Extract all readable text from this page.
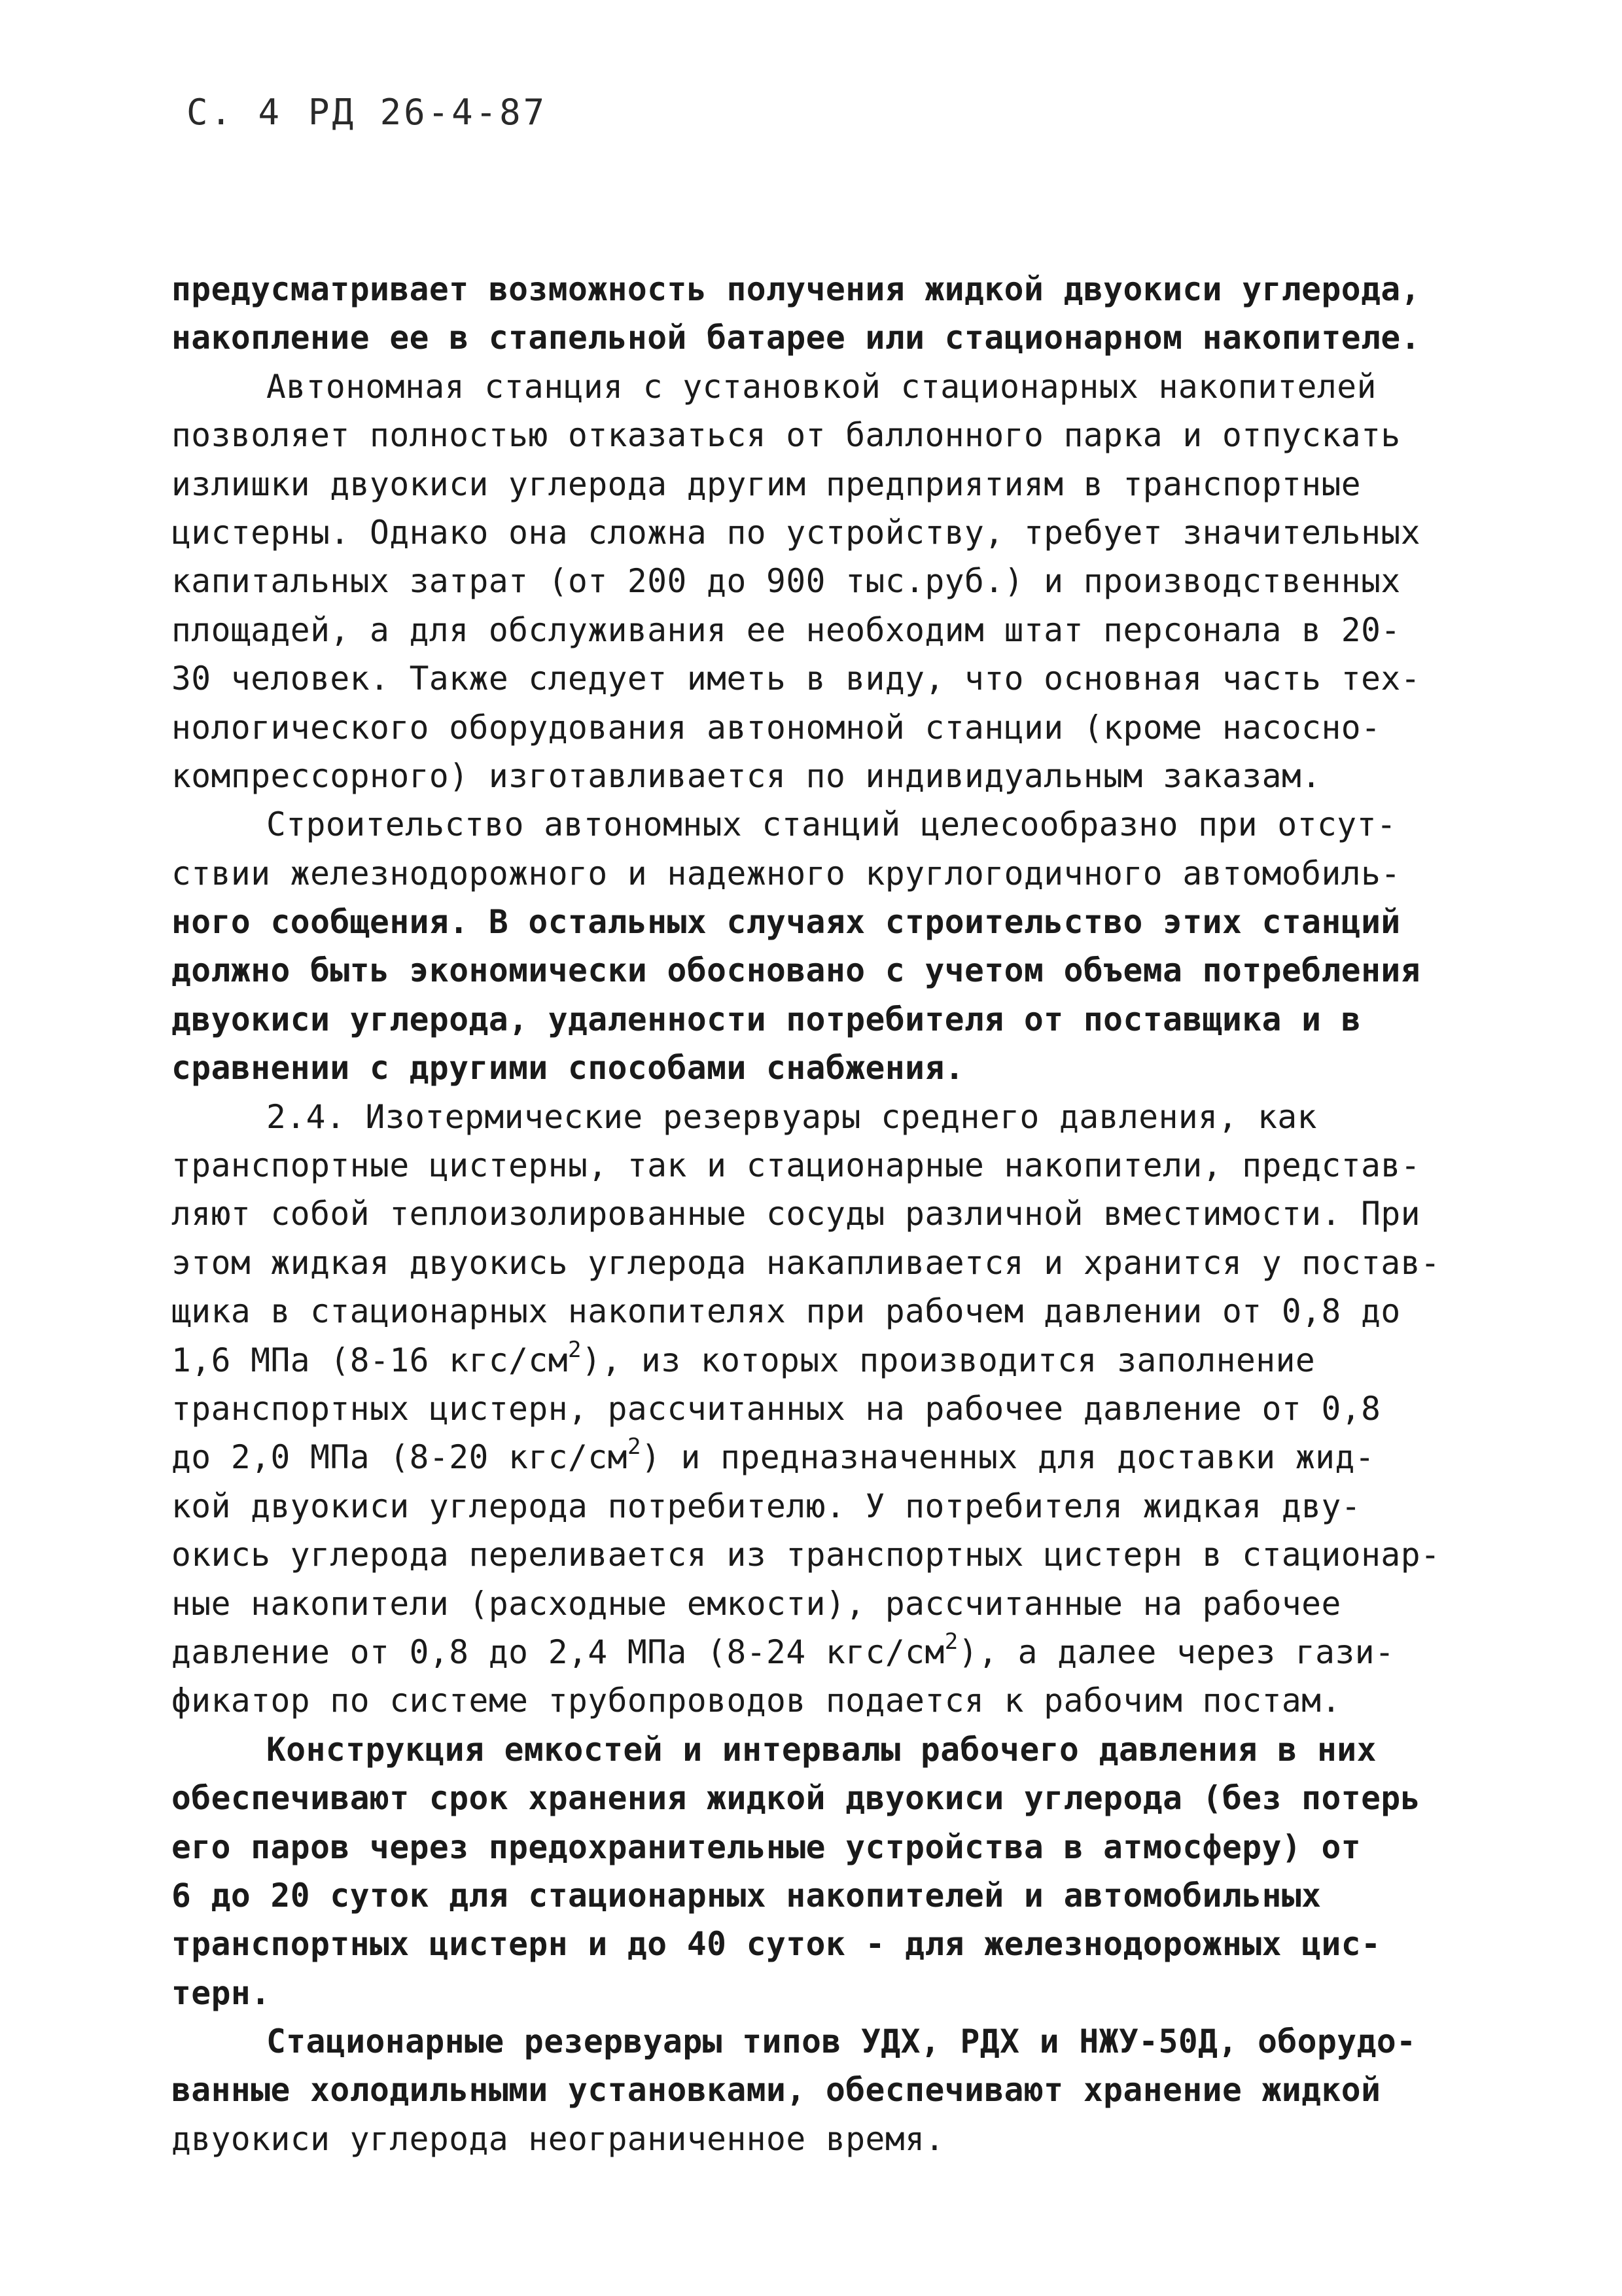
С. 4 РД 26-4-87
предусматривает возможность получения жидкой двуокиси углерода,
накопление ее в стапельной батарее или стационарном накопителе.
Автономная станция с установкой стационарных накопителей
позволяет полностью отказаться от баллонного парка и отпускать
излишки двуокиси углерода другим предприятиям в транспортные
цистерны. Однако она сложна по устройству, требует значительных
капитальных затрат (от 200 до 900 тыс.руб.) и производственных
площадей, а для обслуживания ее необходим штат персонала в 20-
30 человек. Также следует иметь в виду, что основная часть тех-
нологического оборудования автономной станции (кроме насосно-
компрессорного) изготавливается по индивидуальным заказам.
Строительство автономных станций целесообразно при отсут-
ствии железнодорожного и надежного круглогодичного автомобиль-
ного сообщения. В остальных случаях строительство этих станций
должно быть экономически обосновано с учетом объема потребления
двуокиси углерода, удаленности потребителя от поставщика и в
сравнении с другими способами снабжения.
2.4. Изотермические резервуары среднего давления, как
транспортные цистерны, так и стационарные накопители, представ-
ляют собой теплоизолированные сосуды различной вместимости. При
этом жидкая двуокись углерода накапливается и хранится у постав-
щика в стационарных накопителях при рабочем давлении от 0,8 до
1,6 МПа (8-16 кгс/$см^2$), из которых производится заполнение
транспортных цистерн, рассчитанных на рабочее давление от 0,8
до 2,0 МПа (8-20 кгс/$см^2$) и предназначенных для доставки жид-
кой двуокиси углерода потребителю. У потребителя жидкая дву-
окись углерода переливается из транспортных цистерн в стационар-
ные накопители (расходные емкости), рассчитанные на рабочее
давление от 0,8 до 2,4 МПа (8-24 кгс/$см^2$), а далее через гази-
фикатор по системе трубопроводов подается к рабочим постам.
Конструкция емкостей и интервалы рабочего давления в них
обеспечивают срок хранения жидкой двуокиси углерода (без потерь
его паров через предохранительные устройства в атмосферу) от
6 до 20 суток для стационарных накопителей и автомобильных
транспортных цистерн и до 40 суток - для железнодорожных цис-
терн.
Стационарные резервуары типов УДХ, РДХ и НЖУ-50Д, оборудо-
ванные холодильными установками, обеспечивают хранение жидкой
двуокиси углерода неограниченное время.
